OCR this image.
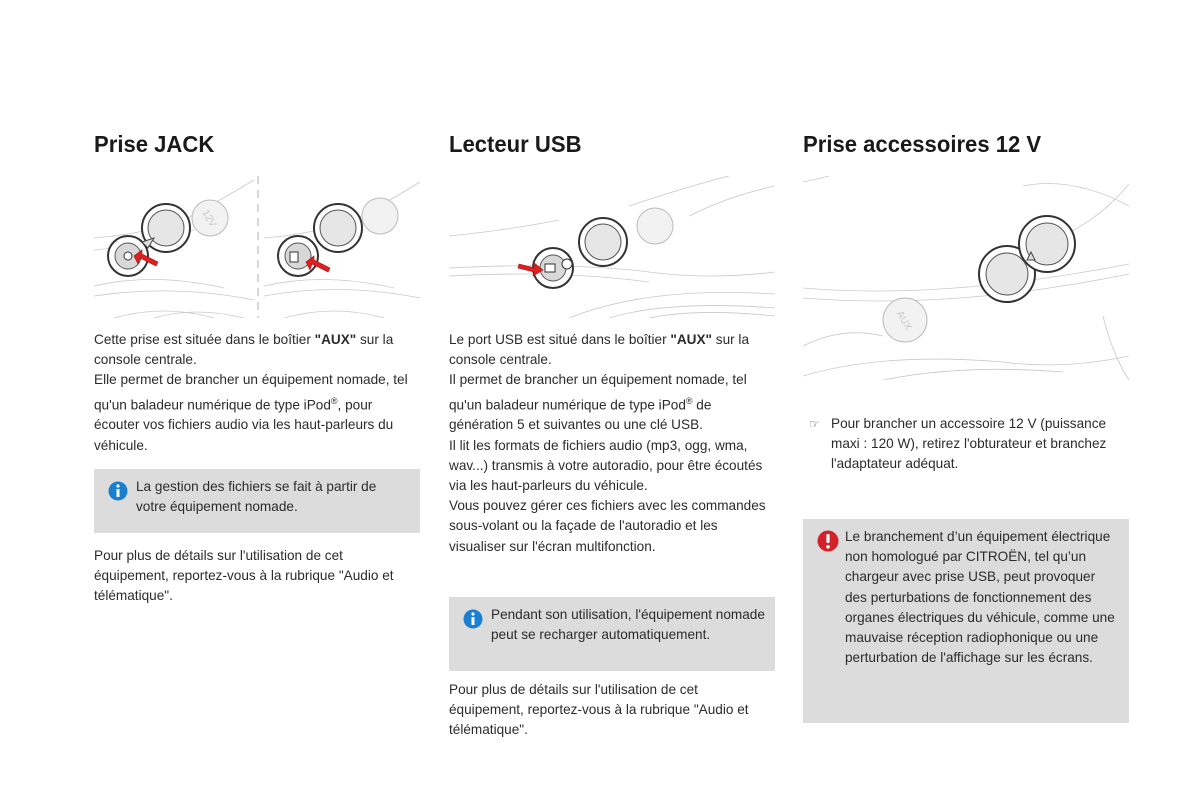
Prise JACK
12V

Cette prise est située dans le boîtier "AUX" sur la console centrale.

Elle permet de brancher un équipement nomade, tel qu'un baladeur numérique de type iPod®, pour écouter vos fichiers audio via les haut-parleurs du véhicule.

La gestion des fichiers se fait à partir de votre équipement nomade.

Pour plus de détails sur l'utilisation de cet équipement, reportez-vous à la rubrique "Audio et télématique".

Lecteur USB

Le port USB est situé dans le boîtier "AUX" sur la console centrale.

Il permet de brancher un équipement nomade, tel qu'un baladeur numérique de type iPod® de génération 5 et suivantes ou une clé USB.

Il lit les formats de fichiers audio (mp3, ogg, wma, wav...) transmis à votre autoradio, pour être écoutés via les haut-parleurs du véhicule.

Vous pouvez gérer ces fichiers avec les commandes sous-volant ou la façade de l'autoradio et les visualiser sur l'écran multifonction.

Pendant son utilisation, l'équipement nomade peut se recharger automatiquement.

Pour plus de détails sur l'utilisation de cet équipement, reportez-vous à la rubrique "Audio et télématique".

Prise accessoires 12 V
AUX
☞ Pour brancher un accessoire 12 V (puissance maxi : 120 W), retirez l'obturateur et branchez l'adaptateur adéquat.

Le branchement d’un équipement électrique non homologué par CITROËN, tel qu’un chargeur avec prise USB, peut provoquer des perturbations de fonctionnement des organes électriques du véhicule, comme une mauvaise réception radiophonique ou une perturbation de l'affichage sur les écrans.
